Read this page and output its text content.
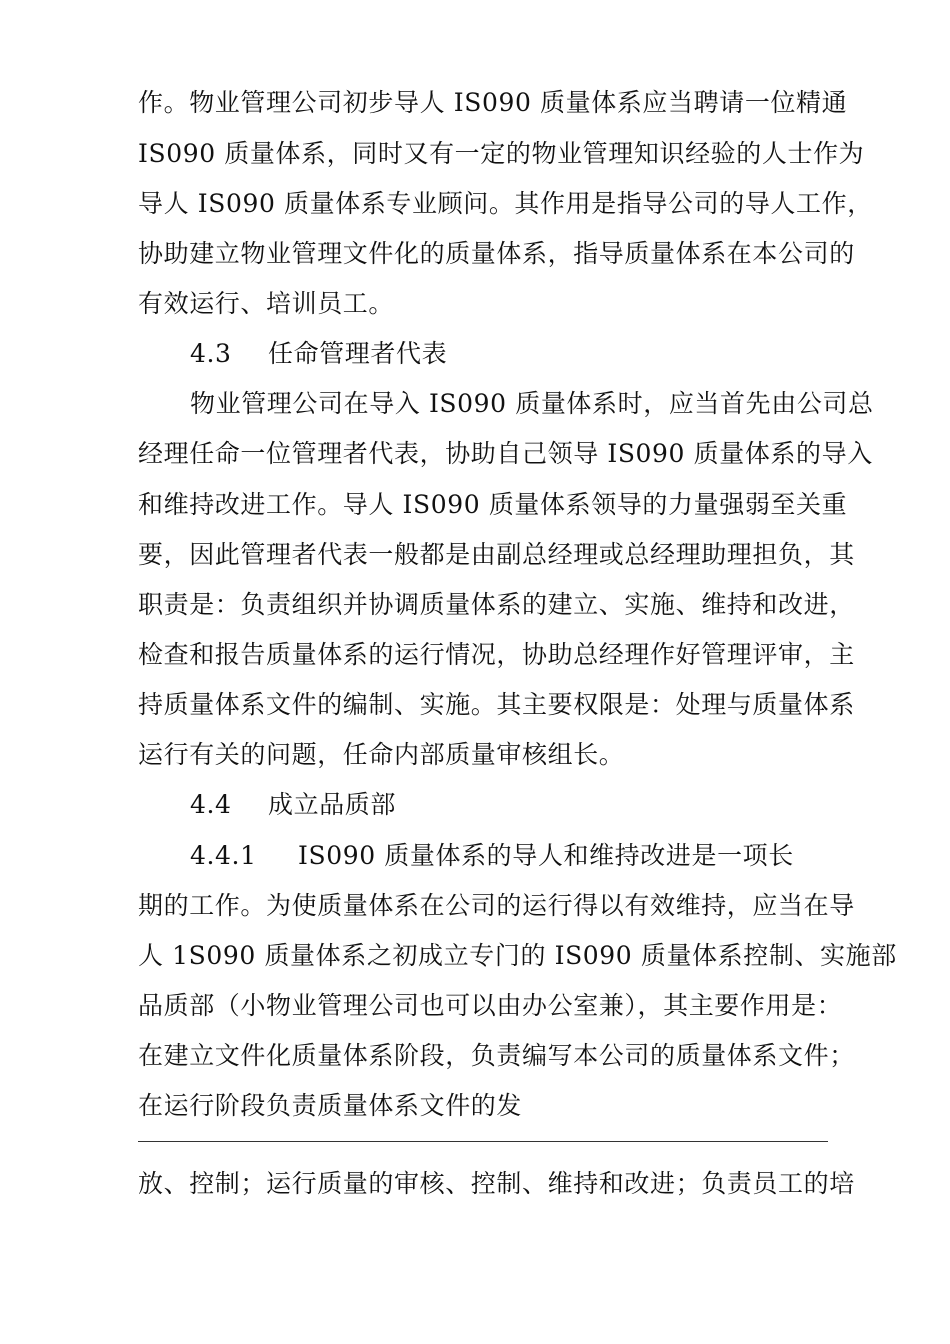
作。物业管理公司初步导人 IS090 质量体系应当聘请一位精通
IS090 质量体系，同时又有一定的物业管理知识经验的人士作为
导人 IS090 质量体系专业顾问。其作用是指导公司的导人工作，
协助建立物业管理文件化的质量体系，指导质量体系在本公司的
有效运行、培训员工。
4.3 任命管理者代表
物业管理公司在导入 IS090 质量体系时，应当首先由公司总
经理任命一位管理者代表，协助自己领导 IS090 质量体系的导入
和维持改进工作。导人 IS090 质量体系领导的力量强弱至关重
要，因此管理者代表一般都是由副总经理或总经理助理担负，其
职责是：负责组织并协调质量体系的建立、实施、维持和改进，
检查和报告质量体系的运行情况，协助总经理作好管理评审，主
持质量体系文件的编制、实施。其主要权限是：处理与质量体系
运行有关的问题，任命内部质量审核组长。
4.4 成立品质部
4.4.1 IS090 质量体系的导人和维持改进是一项长
期的工作。为使质量体系在公司的运行得以有效维持，应当在导
人 1S090 质量体系之初成立专门的 IS090 质量体系控制、实施部
品质部（小物业管理公司也可以由办公室兼），其主要作用是：
在建立文件化质量体系阶段，负责编写本公司的质量体系文件；
在运行阶段负责质量体系文件的发
放、控制；运行质量的审核、控制、维持和改进；负责员工的培
